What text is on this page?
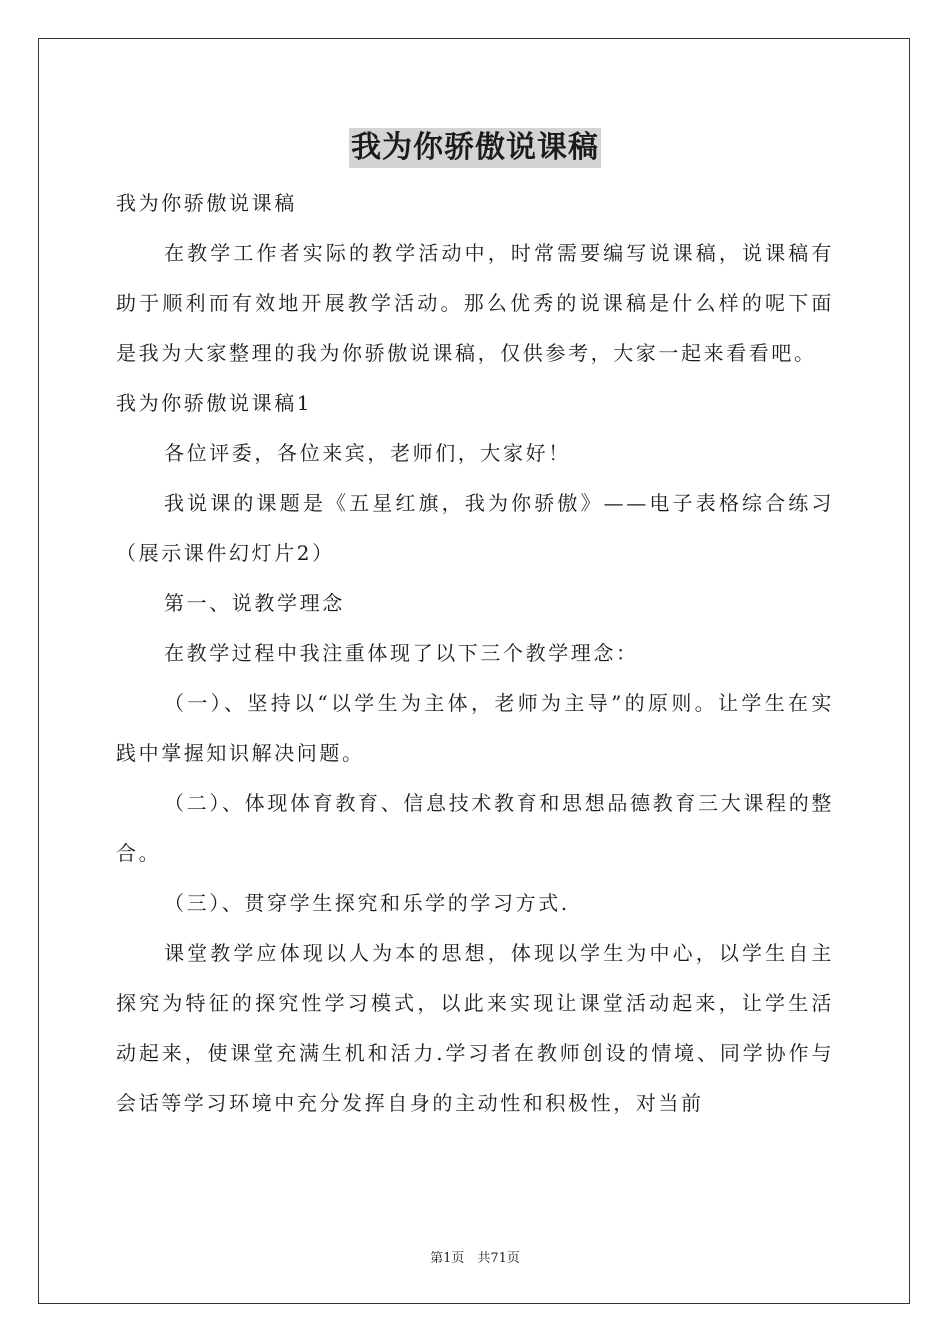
我为你骄傲说课稿

我为你骄傲说课稿

在教学工作者实际的教学活动中，时常需要编写说课稿，说课稿有助于顺利而有效地开展教学活动。那么优秀的说课稿是什么样的呢下面是我为大家整理的我为你骄傲说课稿，仅供参考，大家一起来看看吧。

我为你骄傲说课稿1

各位评委，各位来宾，老师们，大家好！

我说课的课题是《五星红旗，我为你骄傲》——电子表格综合练习（展示课件幻灯片2）

第一、说教学理念

在教学过程中我注重体现了以下三个教学理念：

（一）、坚持以“以学生为主体，老师为主导”的原则。让学生在实践中掌握知识解决问题。

（二）、体现体育教育、信息技术教育和思想品德教育三大课程的整合。

（三）、贯穿学生探究和乐学的学习方式.

课堂教学应体现以人为本的思想，体现以学生为中心，以学生自主探究为特征的探究性学习模式，以此来实现让课堂活动起来，让学生活动起来，使课堂充满生机和活力.学习者在教师创设的情境、同学协作与会话等学习环境中充分发挥自身的主动性和积极性，对当前

第1页　共71页
